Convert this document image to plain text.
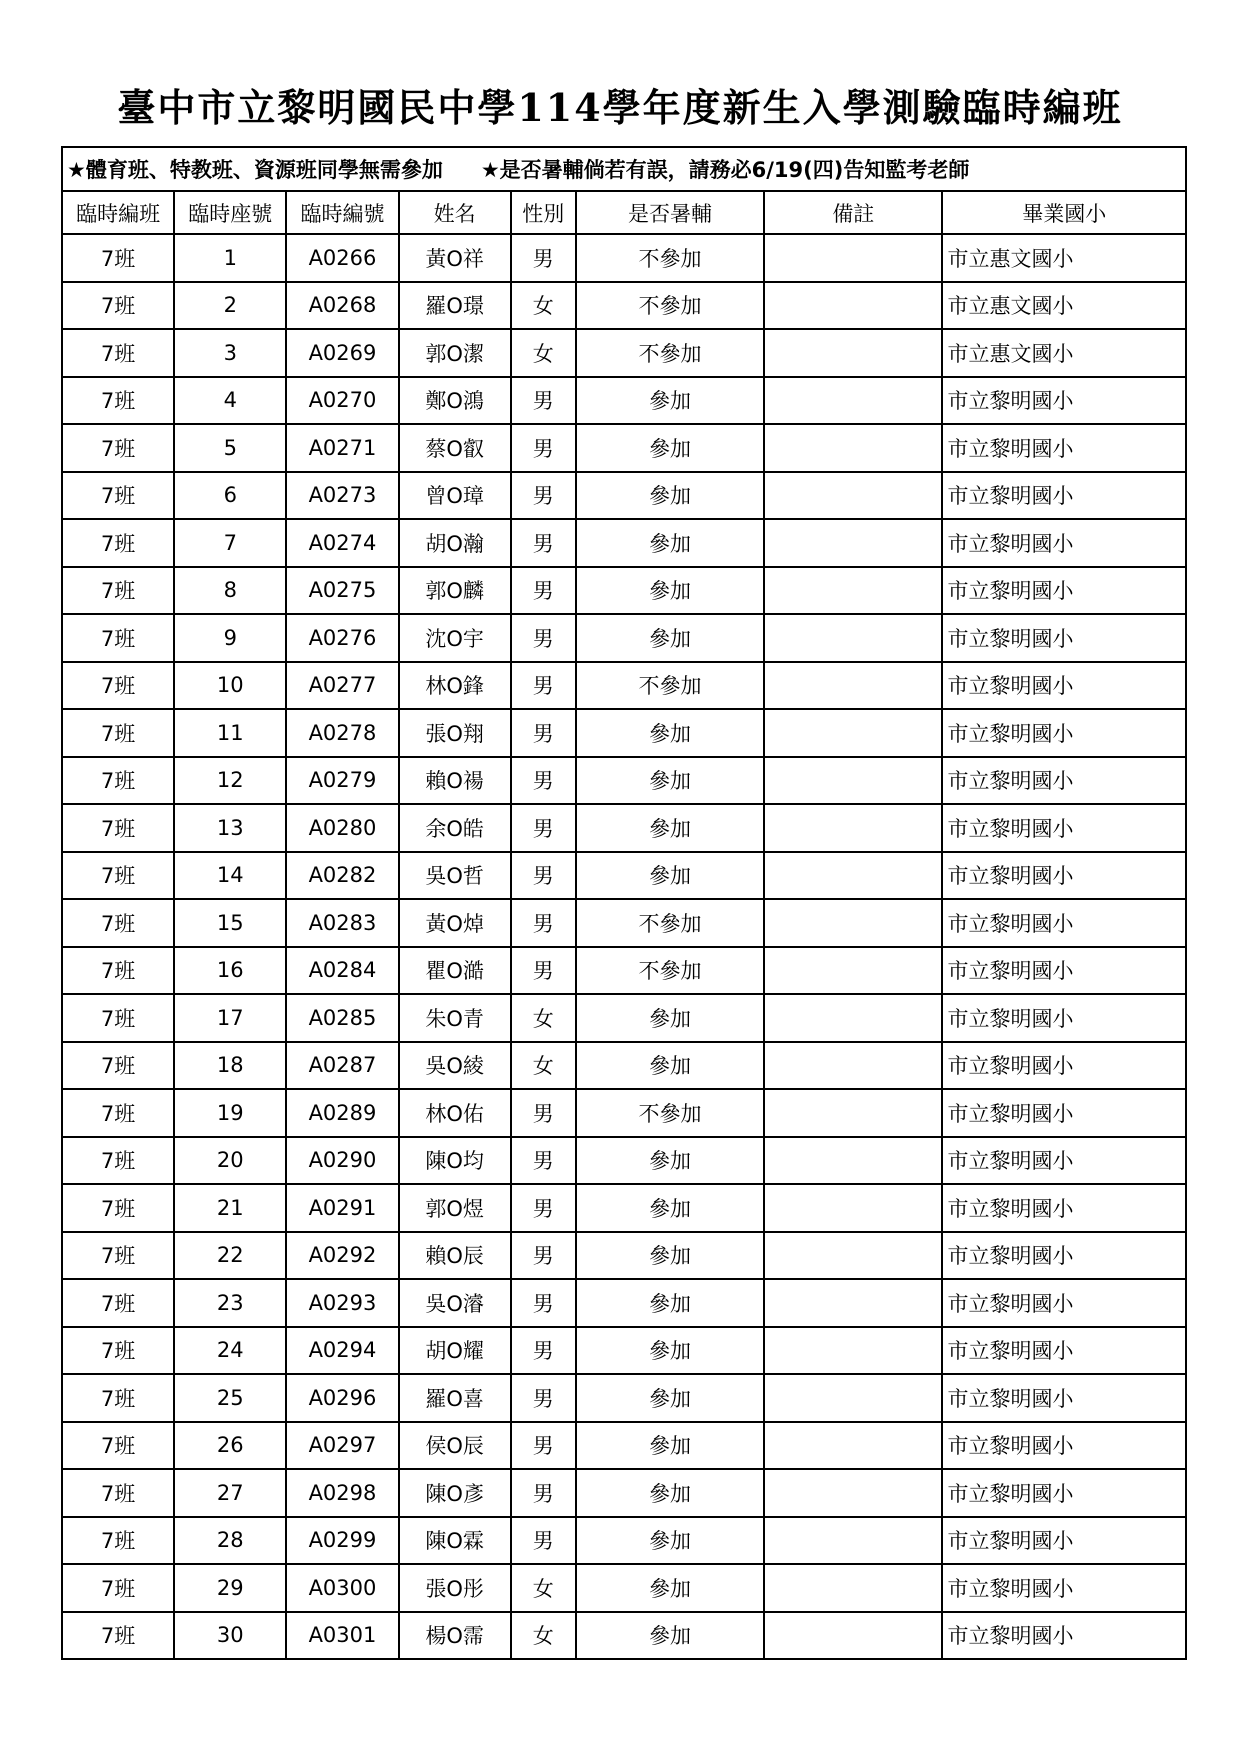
臺中市立黎明國民中學114學年度新生入學測驗臨時編班
★體育班、特教班、資源班同學無需參加 ★是否暑輔倘若有誤，請務必6/19(四)告知監考老師							
臨時編班	臨時座號	臨時編號	姓名	性別	是否暑輔	備註	畢業國小
7班	1	A0266	黃O祥	男	不參加		市立惠文國小
7班	2	A0268	羅O璟	女	不參加		市立惠文國小
7班	3	A0269	郭O潔	女	不參加		市立惠文國小
7班	4	A0270	鄭O鴻	男	參加		市立黎明國小
7班	5	A0271	蔡O叡	男	參加		市立黎明國小
7班	6	A0273	曾O璋	男	參加		市立黎明國小
7班	7	A0274	胡O瀚	男	參加		市立黎明國小
7班	8	A0275	郭O麟	男	參加		市立黎明國小
7班	9	A0276	沈O宇	男	參加		市立黎明國小
7班	10	A0277	林O鋒	男	不參加		市立黎明國小
7班	11	A0278	張O翔	男	參加		市立黎明國小
7班	12	A0279	賴O禓	男	參加		市立黎明國小
7班	13	A0280	余O皓	男	參加		市立黎明國小
7班	14	A0282	吳O哲	男	參加		市立黎明國小
7班	15	A0283	黃O焯	男	不參加		市立黎明國小
7班	16	A0284	瞿O澔	男	不參加		市立黎明國小
7班	17	A0285	朱O青	女	參加		市立黎明國小
7班	18	A0287	吳O綾	女	參加		市立黎明國小
7班	19	A0289	林O佑	男	不參加		市立黎明國小
7班	20	A0290	陳O均	男	參加		市立黎明國小
7班	21	A0291	郭O煜	男	參加		市立黎明國小
7班	22	A0292	賴O辰	男	參加		市立黎明國小
7班	23	A0293	吳O濬	男	參加		市立黎明國小
7班	24	A0294	胡O耀	男	參加		市立黎明國小
7班	25	A0296	羅O喜	男	參加		市立黎明國小
7班	26	A0297	侯O辰	男	參加		市立黎明國小
7班	27	A0298	陳O彥	男	參加		市立黎明國小
7班	28	A0299	陳O霖	男	參加		市立黎明國小
7班	29	A0300	張O彤	女	參加		市立黎明國小
7班	30	A0301	楊O霈	女	參加		市立黎明國小
